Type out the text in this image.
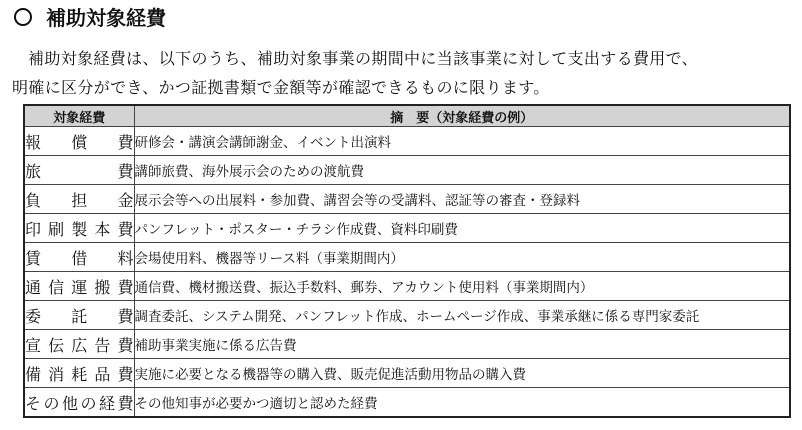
補助対象経費
補助対象経費は、以下のうち、補助対象事業の期間中に当該事業に対して支出する費用で、
明確に区分ができ、かつ証拠書類で金額等が確認できるものに限ります。
対象経費	摘　要（対象経費の例）
報償費	研修会・講演会講師謝金、イベント出演料
旅費	講師旅費、海外展示会のための渡航費
負担金	展示会等への出展料・参加費、講習会等の受講料、認証等の審査・登録料
印刷製本費	パンフレット・ポスター・チラシ作成費、資料印刷費
賃借料	会場使用料、機器等リース料（事業期間内）
通信運搬費	通信費、機材搬送費、振込手数料、郵券、アカウント使用料（事業期間内）
委託費	調査委託、システム開発、パンフレット作成、ホームページ作成、事業承継に係る専門家委託
宣伝広告費	補助事業実施に係る広告費
備消耗品費	実施に必要となる機器等の購入費、販売促進活動用物品の購入費
その他の経費	その他知事が必要かつ適切と認めた経費
